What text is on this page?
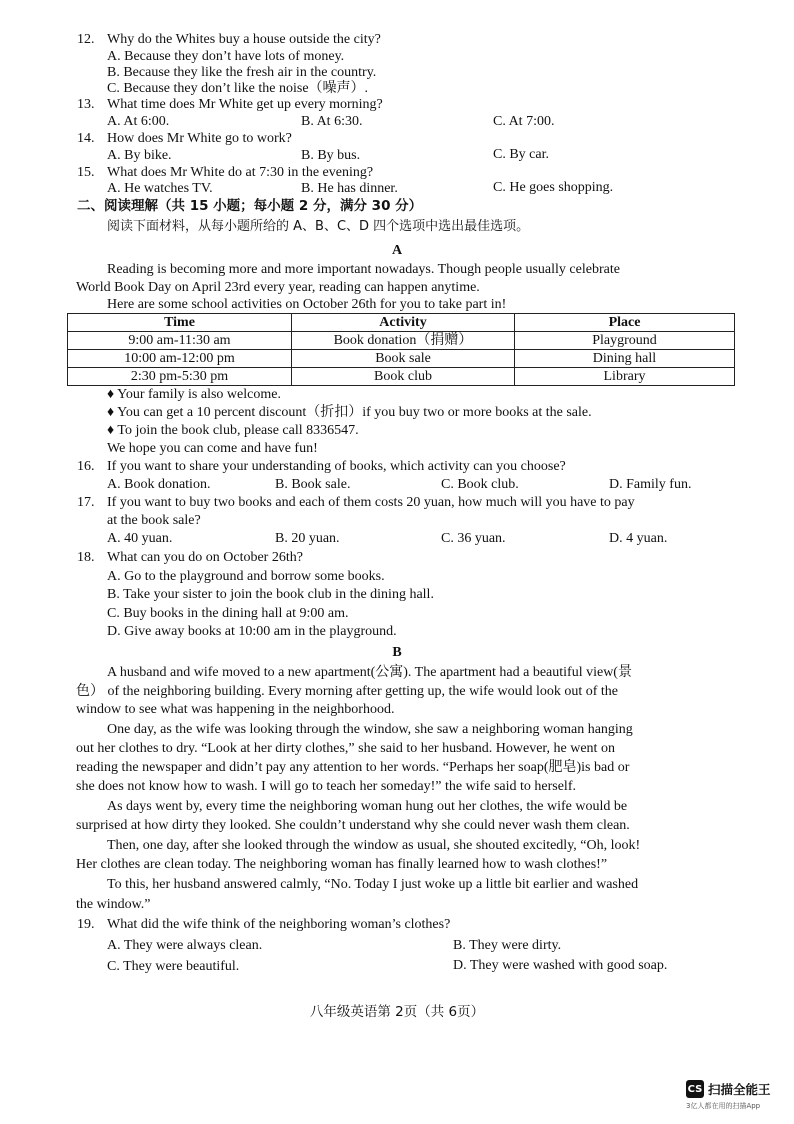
12. Why do the Whites buy a house outside the city?
A. Because they don’t have lots of money.
B. Because they like the fresh air in the country.
C. Because they don’t like the noise（噪声）.
13. What time does Mr White get up every morning?
A. At 6:00.	B. At 6:30.	C. At 7:00.
14. How does Mr White go to work?
A. By bike.	B. By bus.	C. By car.
15. What does Mr White do at 7:30 in the evening?
A. He watches TV.	B. He has dinner.	C. He goes shopping.
二、阅读理解（共 15 小题；每小题 2 分，满分 30 分）
阅读下面材料，从每小题所给的 A、B、C、D 四个选项中选出最佳选项。
A
Reading is becoming more and more important nowadays. Though people usually celebrate
World Book Day on April 23rd every year, reading can happen anytime.
Here are some school activities on October 26th for you to take part in!
Time	Activity	Place
9:00 am-11:30 am	Book donation（捐赠）	Playground
10:00 am-12:00 pm	Book sale	Dining hall
2:30 pm-5:30 pm	Book club	Library
♦ Your family is also welcome.
♦ You can get a 10 percent discount（折扣）if you buy two or more books at the sale.
♦ To join the book club, please call 8336547.
We hope you can come and have fun!
16. If you want to share your understanding of books, which activity can you choose?
A. Book donation.	B. Book sale.	C. Book club.	D. Family fun.
17. If you want to buy two books and each of them costs 20 yuan, how much will you have to pay
at the book sale?
A. 40 yuan.	B. 20 yuan.	C. 36 yuan.	D. 4 yuan.
18. What can you do on October 26th?
A. Go to the playground and borrow some books.
B. Take your sister to join the book club in the dining hall.
C. Buy books in the dining hall at 9:00 am.
D. Give away books at 10:00 am in the playground.
B
A husband and wife moved to a new apartment(公寓). The apartment had a beautiful view(景
色） of the neighboring building. Every morning after getting up, the wife would look out of the
window to see what was happening in the neighborhood.
One day, as the wife was looking through the window, she saw a neighboring woman hanging
out her clothes to dry. “Look at her dirty clothes,” she said to her husband. However, he went on
reading the newspaper and didn’t pay any attention to her words. “Perhaps her soap(肥皂)is bad or
she does not know how to wash. I will go to teach her someday!” the wife said to herself.
As days went by, every time the neighboring woman hung out her clothes, the wife would be
surprised at how dirty they looked. She couldn’t understand why she could never wash them clean.
Then, one day, after she looked through the window as usual, she shouted excitedly, “Oh, look!
Her clothes are clean today. The neighboring woman has finally learned how to wash clothes!”
To this, her husband answered calmly, “No. Today I just woke up a little bit earlier and washed
the window.”
19. What did the wife think of the neighboring woman’s clothes?
A. They were always clean.	B. They were dirty.
C. They were beautiful.	D. They were washed with good soap.
八年级英语第 2页（共 6页）
CS 扫描全能王
3亿人都在用的扫描App
